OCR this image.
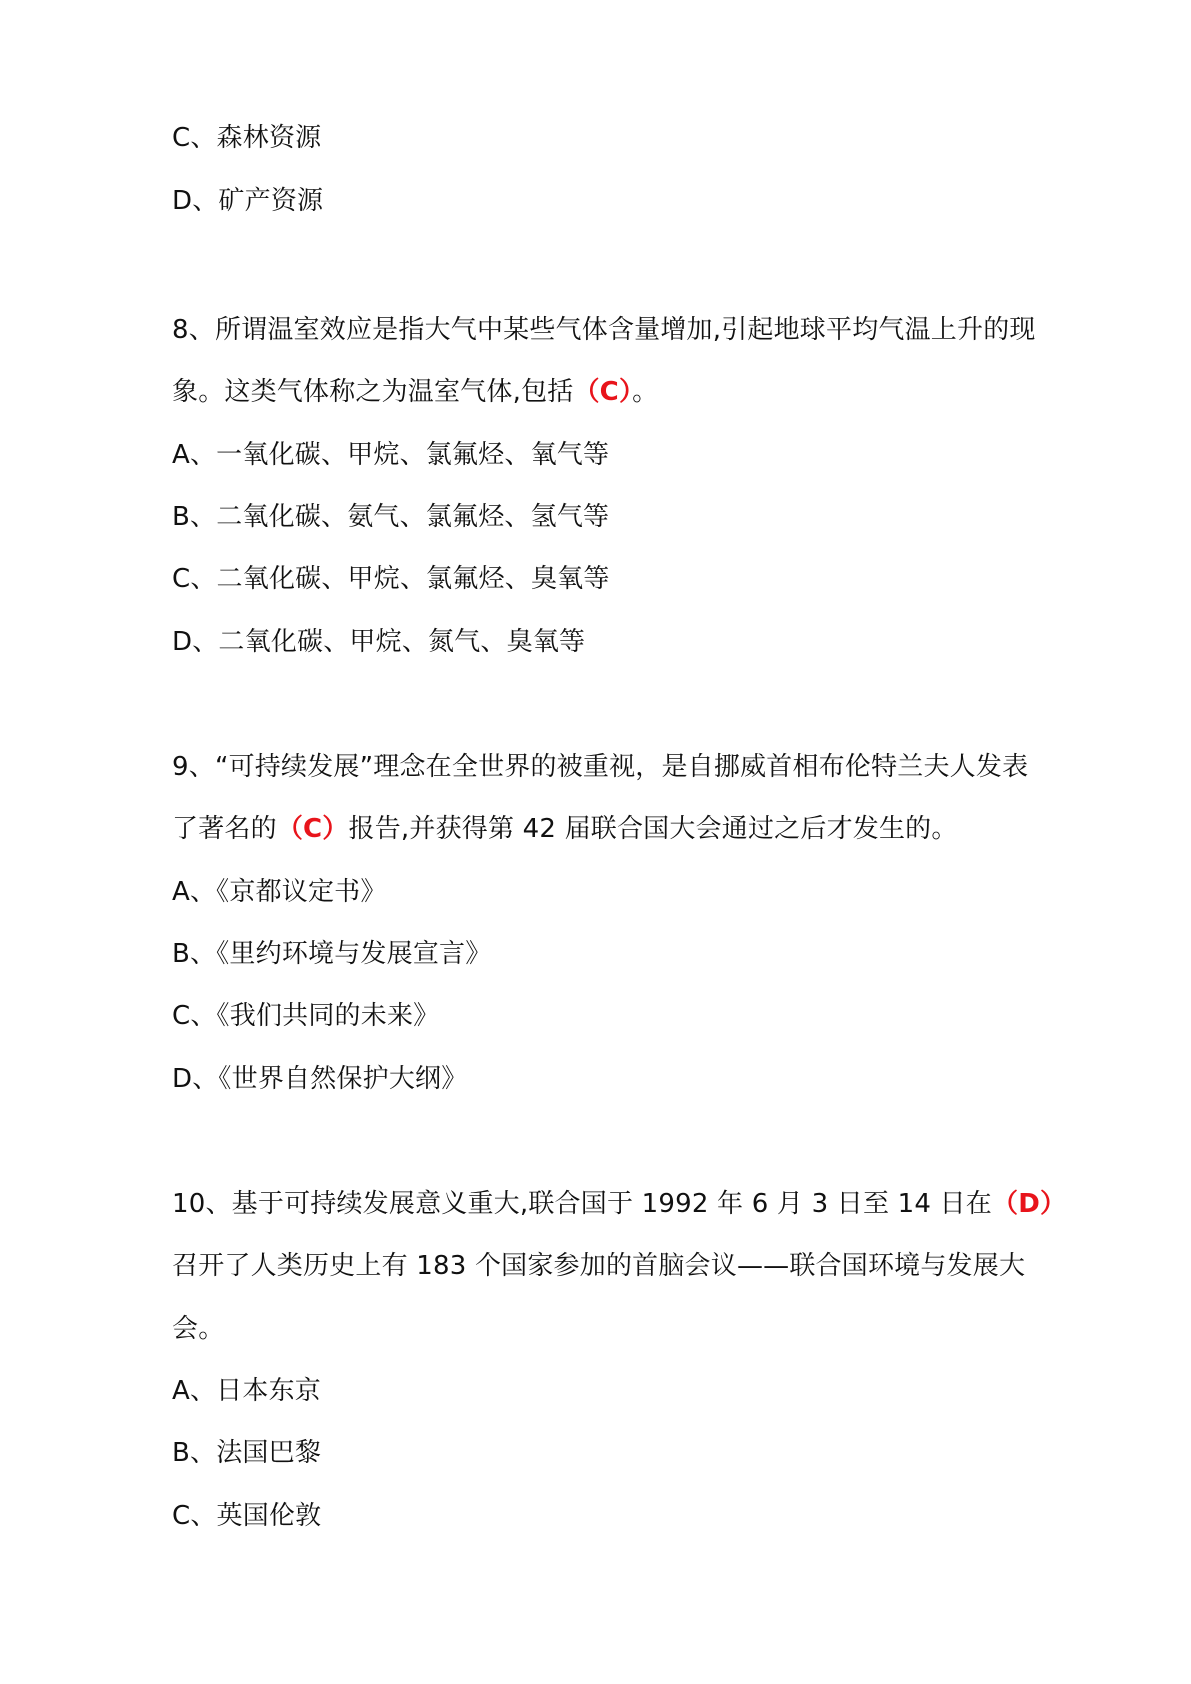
C、森林资源
D、矿产资源
8、所谓温室效应是指大气中某些气体含量增加,引起地球平均气温上升的现
象。这类气体称之为温室气体,包括（C）。
A、一氧化碳、甲烷、氯氟烃、氧气等
B、二氧化碳、氨气、氯氟烃、氢气等
C、二氧化碳、甲烷、氯氟烃、臭氧等
D、二氧化碳、甲烷、氮气、臭氧等
9、“可持续发展”理念在全世界的被重视，是自挪威首相布伦特兰夫人发表
了著名的（C）报告,并获得第 42 届联合国大会通过之后才发生的。
A、《京都议定书》
B、《里约环境与发展宣言》
C、《我们共同的未来》
D、《世界自然保护大纲》
10、基于可持续发展意义重大,联合国于 1992 年 6 月 3 日至 14 日在（D）
召开了人类历史上有 183 个国家参加的首脑会议——联合国环境与发展大
会。
A、日本东京
B、法国巴黎
C、英国伦敦
